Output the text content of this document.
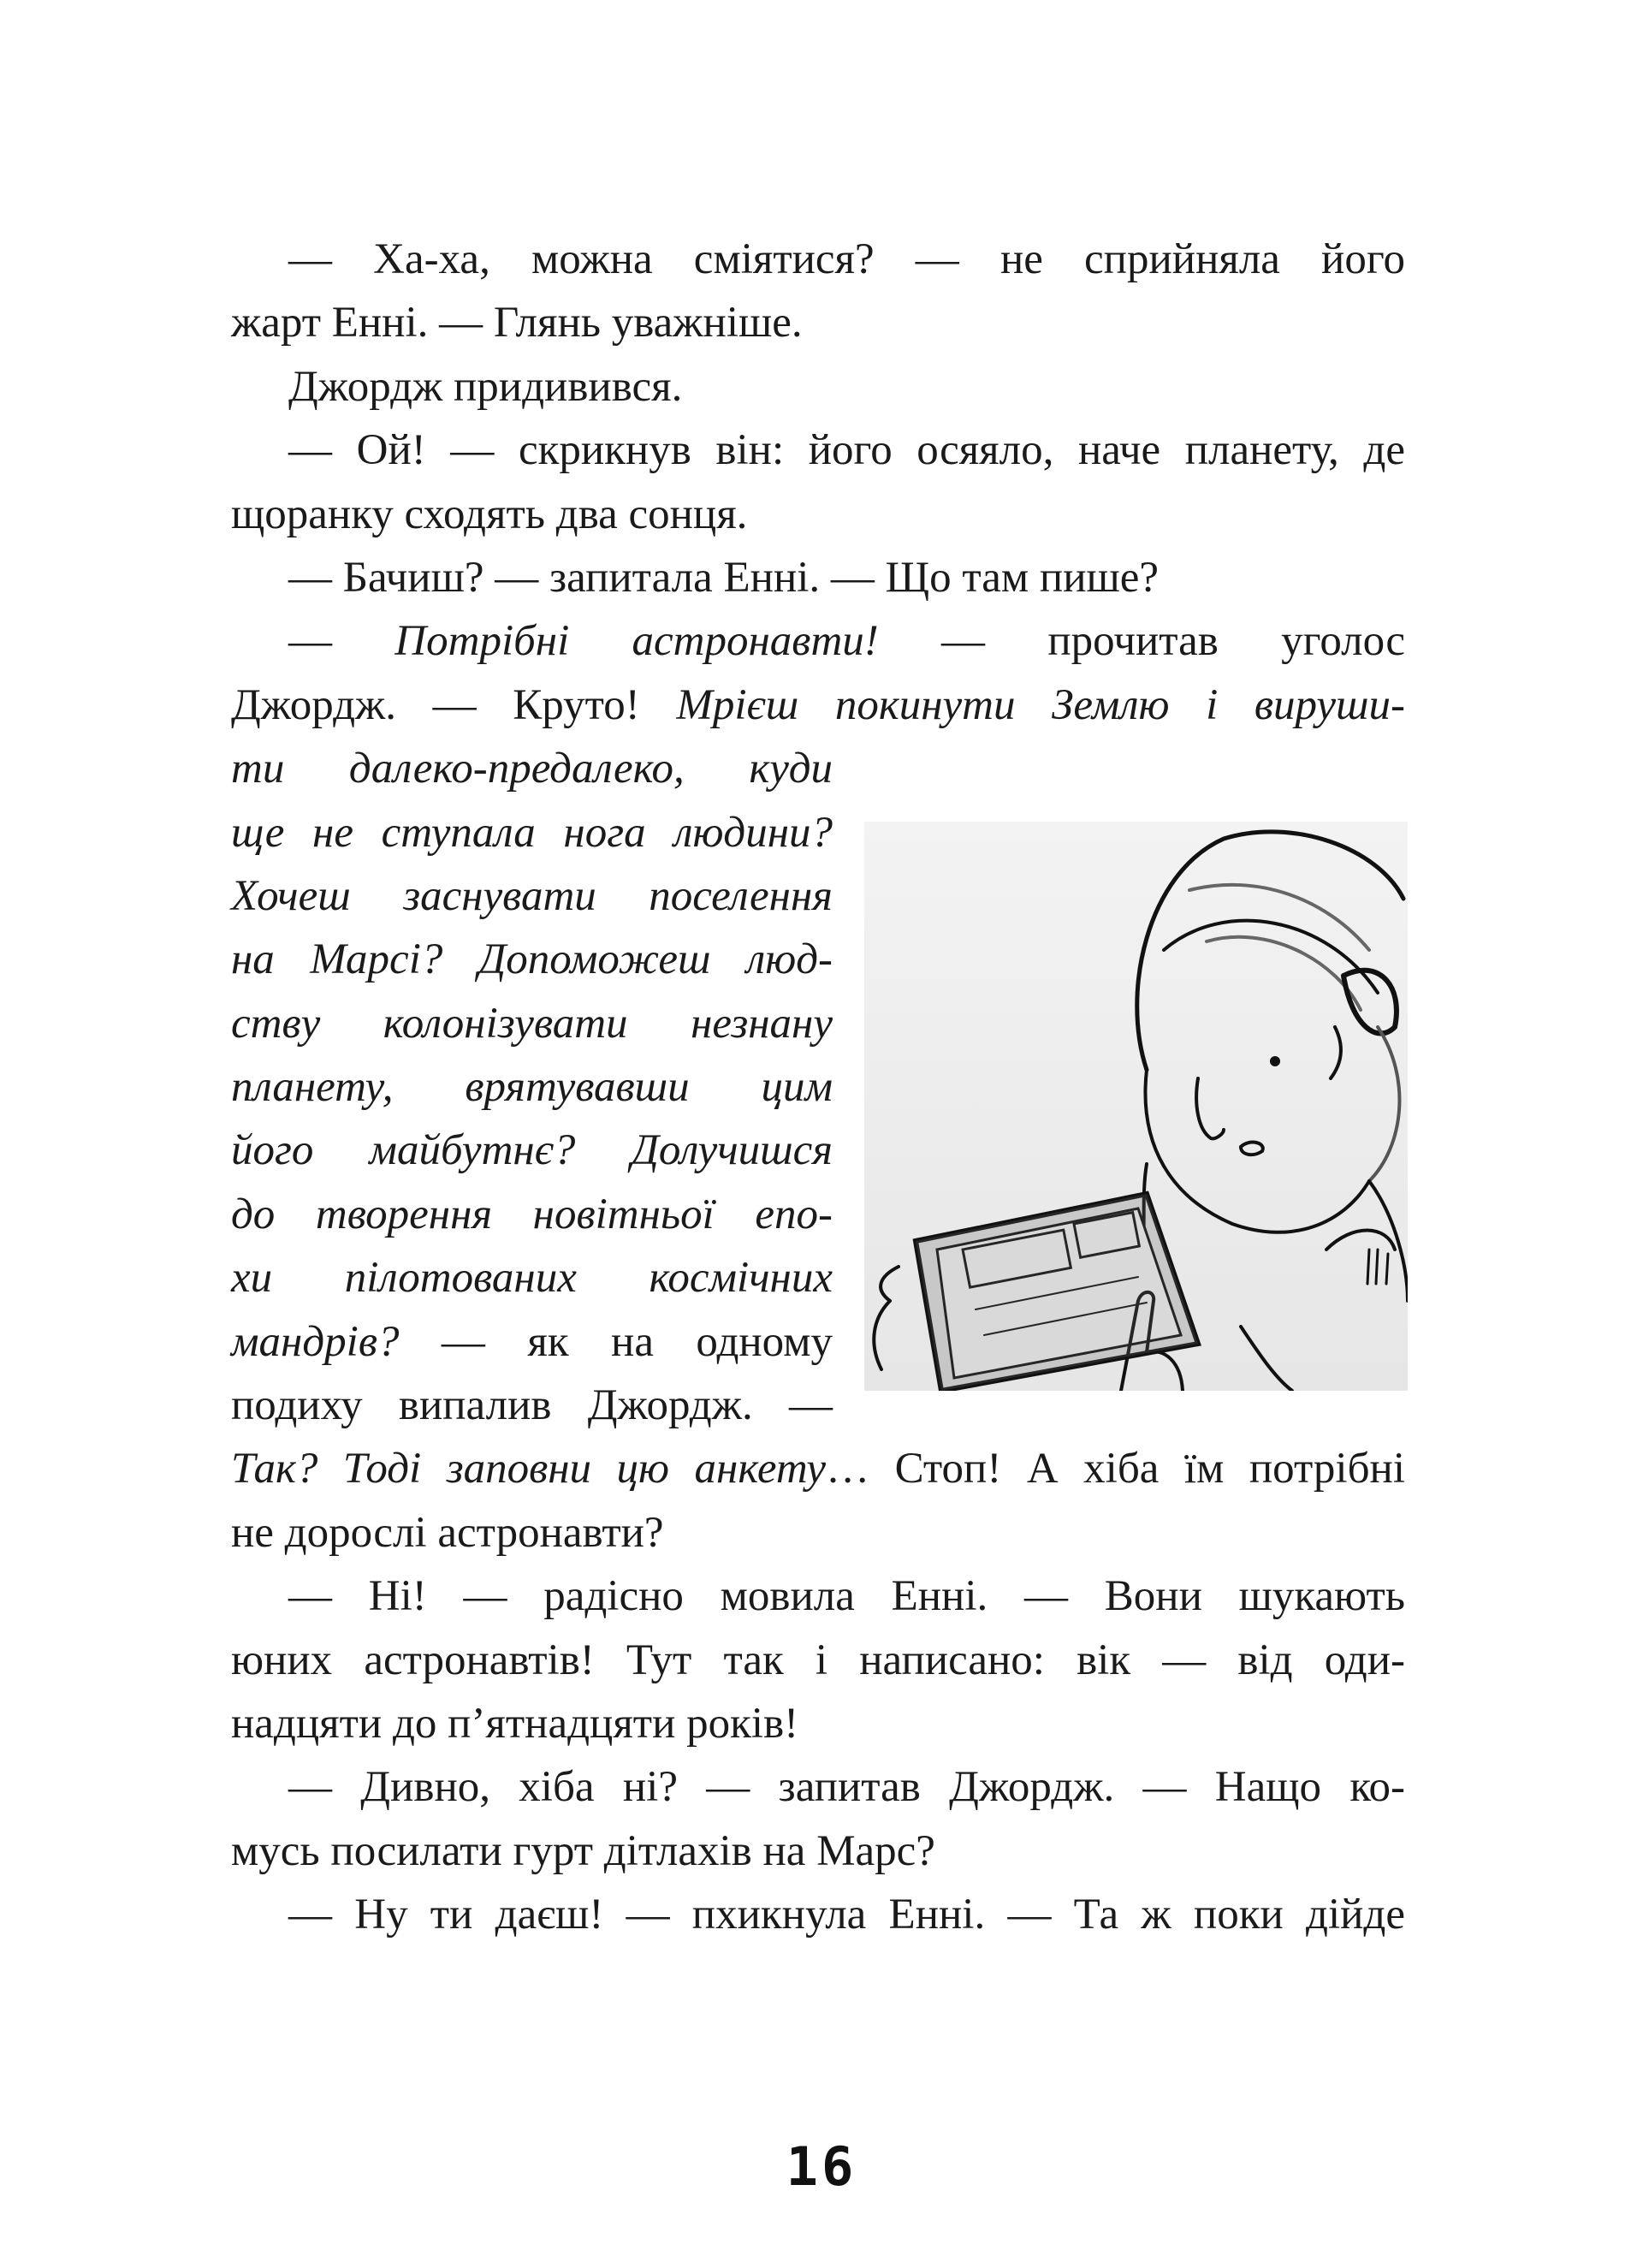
— Ха-ха, можна сміятися? — не сприйняла його
жарт Енні. — Глянь уважніше.
Джордж придивився.
— Ой! — скрикнув він: його осяяло, наче планету, де
щоранку сходять два сонця.
— Бачиш? — запитала Енні. — Що там пише?
— Потрібні астронавти! — прочитав уголос
Джордж. — Круто! Мрієш покинути Землю і вируши-
ти далеко-предалеко, куди
ще не ступала нога людини?
Хочеш заснувати поселення
на Марсі? Допоможеш люд-
ству колонізувати незнану
планету, врятувавши цим
його майбутнє? Долучишся
до творення новітньої епо-
хи пілотованих космічних
мандрів? — як на одному
подиху випалив Джордж. —
Так? Тоді заповни цю анкету… Стоп! А хіба їм потрібні
не дорослі астронавти?
— Ні! — радісно мовила Енні. — Вони шукають
юних астронавтів! Тут так і написано: вік — від оди-
надцяти до п’ятнадцяти років!
— Дивно, хіба ні? — запитав Джордж. — Нащо ко-
мусь посилати гурт дітлахів на Марс?
— Ну ти даєш! — пхикнула Енні. — Та ж поки дійде
16
